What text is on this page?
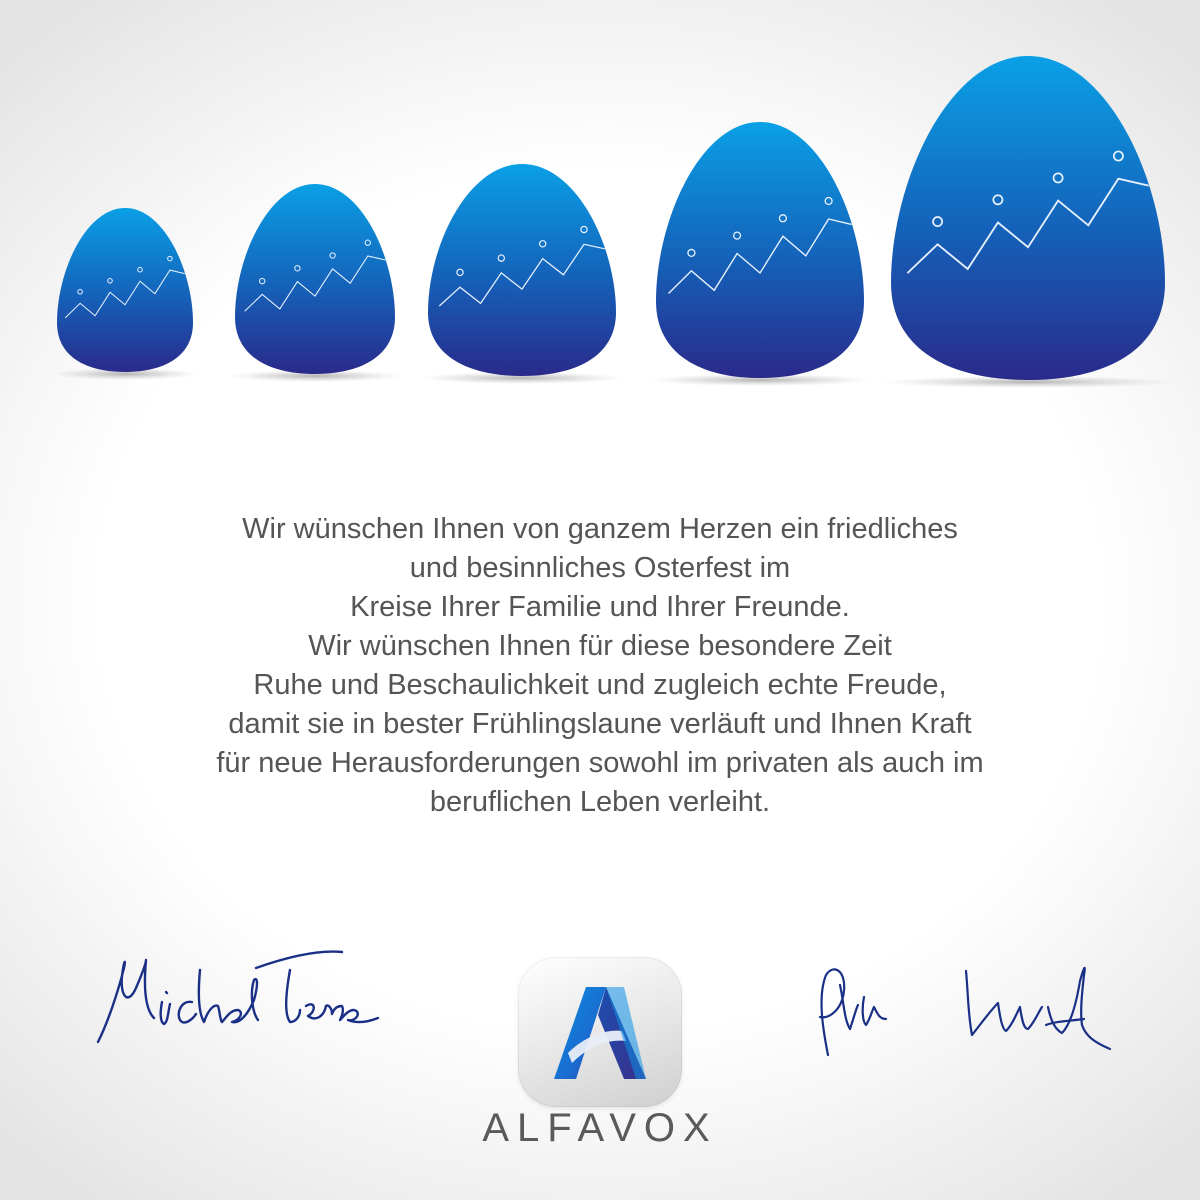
Wir wünschen Ihnen von ganzem Herzen ein friedliches
und besinnliches Osterfest im
Kreise Ihrer Familie und Ihrer Freunde.
Wir wünschen Ihnen für diese besondere Zeit
Ruhe und Beschaulichkeit und zugleich echte Freude,
damit sie in bester Frühlingslaune verläuft und Ihnen Kraft
für neue Herausforderungen sowohl im privaten als auch im
beruflichen Leben verleiht.
ALFAVOX
